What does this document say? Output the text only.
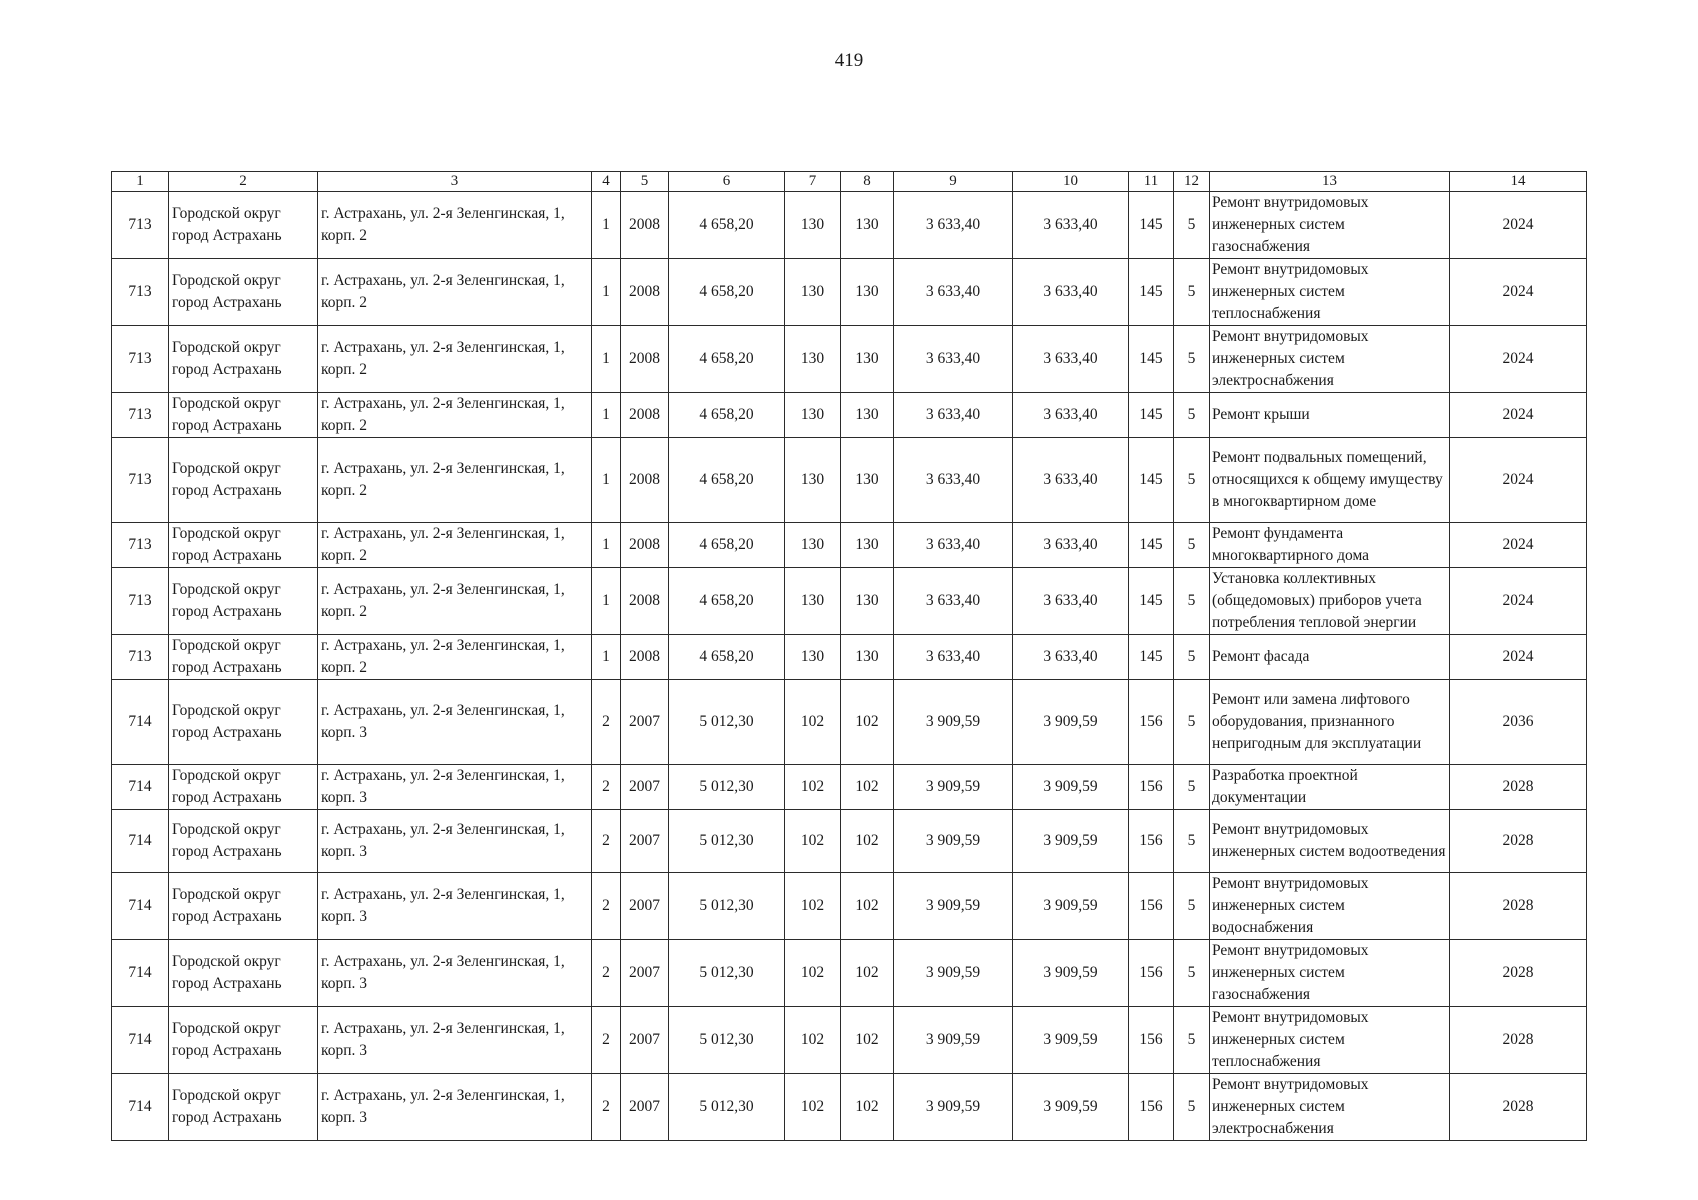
419
1	2	3	4	5	6	7	8	9	10	11	12	13	14
713	Городской округ город Астрахань	г. Астрахань, ул. 2-я Зеленгинская, 1, корп. 2	1	2008	4 658,20	130	130	3 633,40	3 633,40	145	5	Ремонт внутридомовых инженерных систем газоснабжения	2024
713	Городской округ город Астрахань	г. Астрахань, ул. 2-я Зеленгинская, 1, корп. 2	1	2008	4 658,20	130	130	3 633,40	3 633,40	145	5	Ремонт внутридомовых инженерных систем теплоснабжения	2024
713	Городской округ город Астрахань	г. Астрахань, ул. 2-я Зеленгинская, 1, корп. 2	1	2008	4 658,20	130	130	3 633,40	3 633,40	145	5	Ремонт внутридомовых инженерных систем электроснабжения	2024
713	Городской округ город Астрахань	г. Астрахань, ул. 2-я Зеленгинская, 1, корп. 2	1	2008	4 658,20	130	130	3 633,40	3 633,40	145	5	Ремонт крыши	2024
713	Городской округ город Астрахань	г. Астрахань, ул. 2-я Зеленгинская, 1, корп. 2	1	2008	4 658,20	130	130	3 633,40	3 633,40	145	5	Ремонт подвальных помещений, относящихся к общему имуществу в многоквартирном доме	2024
713	Городской округ город Астрахань	г. Астрахань, ул. 2-я Зеленгинская, 1, корп. 2	1	2008	4 658,20	130	130	3 633,40	3 633,40	145	5	Ремонт фундамента многоквартирного дома	2024
713	Городской округ город Астрахань	г. Астрахань, ул. 2-я Зеленгинская, 1, корп. 2	1	2008	4 658,20	130	130	3 633,40	3 633,40	145	5	Установка коллективных (общедомовых) приборов учета потребления тепловой энергии	2024
713	Городской округ город Астрахань	г. Астрахань, ул. 2-я Зеленгинская, 1, корп. 2	1	2008	4 658,20	130	130	3 633,40	3 633,40	145	5	Ремонт фасада	2024
714	Городской округ город Астрахань	г. Астрахань, ул. 2-я Зеленгинская, 1, корп. 3	2	2007	5 012,30	102	102	3 909,59	3 909,59	156	5	Ремонт или замена лифтового оборудования, признанного непригодным для эксплуатации	2036
714	Городской округ город Астрахань	г. Астрахань, ул. 2-я Зеленгинская, 1, корп. 3	2	2007	5 012,30	102	102	3 909,59	3 909,59	156	5	Разработка проектной документации	2028
714	Городской округ город Астрахань	г. Астрахань, ул. 2-я Зеленгинская, 1, корп. 3	2	2007	5 012,30	102	102	3 909,59	3 909,59	156	5	Ремонт внутридомовых инженерных систем водоотведения	2028
714	Городской округ город Астрахань	г. Астрахань, ул. 2-я Зеленгинская, 1, корп. 3	2	2007	5 012,30	102	102	3 909,59	3 909,59	156	5	Ремонт внутридомовых инженерных систем водоснабжения	2028
714	Городской округ город Астрахань	г. Астрахань, ул. 2-я Зеленгинская, 1, корп. 3	2	2007	5 012,30	102	102	3 909,59	3 909,59	156	5	Ремонт внутридомовых инженерных систем газоснабжения	2028
714	Городской округ город Астрахань	г. Астрахань, ул. 2-я Зеленгинская, 1, корп. 3	2	2007	5 012,30	102	102	3 909,59	3 909,59	156	5	Ремонт внутридомовых инженерных систем теплоснабжения	2028
714	Городской округ город Астрахань	г. Астрахань, ул. 2-я Зеленгинская, 1, корп. 3	2	2007	5 012,30	102	102	3 909,59	3 909,59	156	5	Ремонт внутридомовых инженерных систем электроснабжения	2028
